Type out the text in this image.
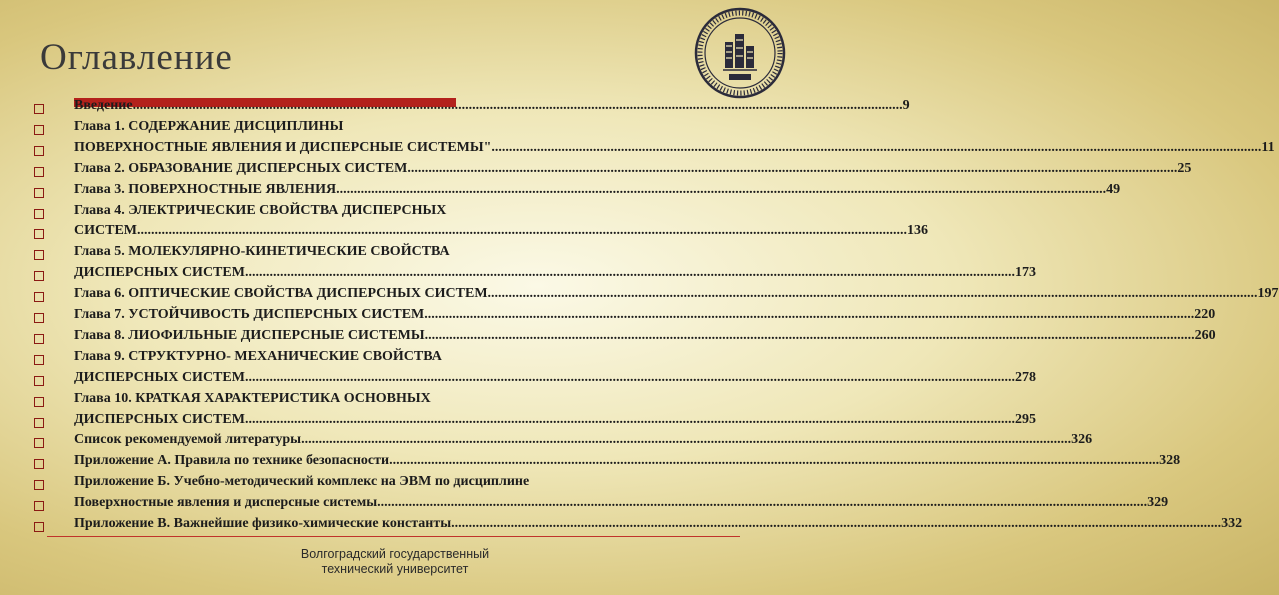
Оглавление
Введение ............................................................................................................................................................................................................................ 9
Глава 1. СОДЕРЖАНИЕ ДИСЦИПЛИНЫ
ПОВЕРХНОСТНЫЕ ЯВЛЕНИЯ И ДИСПЕРСНЫЕ СИСТЕМЫ" ............................................................................................................................................................................................................................ 11
Глава 2. ОБРАЗОВАНИЕ ДИСПЕРСНЫХ СИСТЕМ ............................................................................................................................................................................................................................ 25
Глава 3. ПОВЕРХНОСТНЫЕ ЯВЛЕНИЯ ............................................................................................................................................................................................................................ 49
Глава 4. ЭЛЕКТРИЧЕСКИЕ СВОЙСТВА ДИСПЕРСНЫХ
СИСТЕМ ............................................................................................................................................................................................................................ 136
Глава 5. МОЛЕКУЛЯРНО-КИНЕТИЧЕСКИЕ СВОЙСТВА
ДИСПЕРСНЫХ СИСТЕМ ............................................................................................................................................................................................................................ 173
Глава 6. ОПТИЧЕСКИЕ СВОЙСТВА ДИСПЕРСНЫХ СИСТЕМ ............................................................................................................................................................................................................................ 197
Глава 7. УСТОЙЧИВОСТЬ ДИСПЕРСНЫХ СИСТЕМ ............................................................................................................................................................................................................................ 220
Глава 8. ЛИОФИЛЬНЫЕ ДИСПЕРСНЫЕ СИСТЕМЫ ............................................................................................................................................................................................................................ 260
Глава 9. СТРУКТУРНО- МЕХАНИЧЕСКИЕ СВОЙСТВА
ДИСПЕРСНЫХ СИСТЕМ ............................................................................................................................................................................................................................ 278
Глава 10. КРАТКАЯ ХАРАКТЕРИСТИКА ОСНОВНЫХ
ДИСПЕРСНЫХ СИСТЕМ ............................................................................................................................................................................................................................ 295
Список рекомендуемой литературы ............................................................................................................................................................................................................................ 326
Приложение А. Правила по технике безопасности ............................................................................................................................................................................................................................ 328
Приложение Б. Учебно-методический комплекс на ЭВМ по дисциплине
Поверхностные явления и дисперсные системы ............................................................................................................................................................................................................................ 329
Приложение В. Важнейшие физико-химические константы ............................................................................................................................................................................................................................ 332
Волгоградский государственный
технический университет
